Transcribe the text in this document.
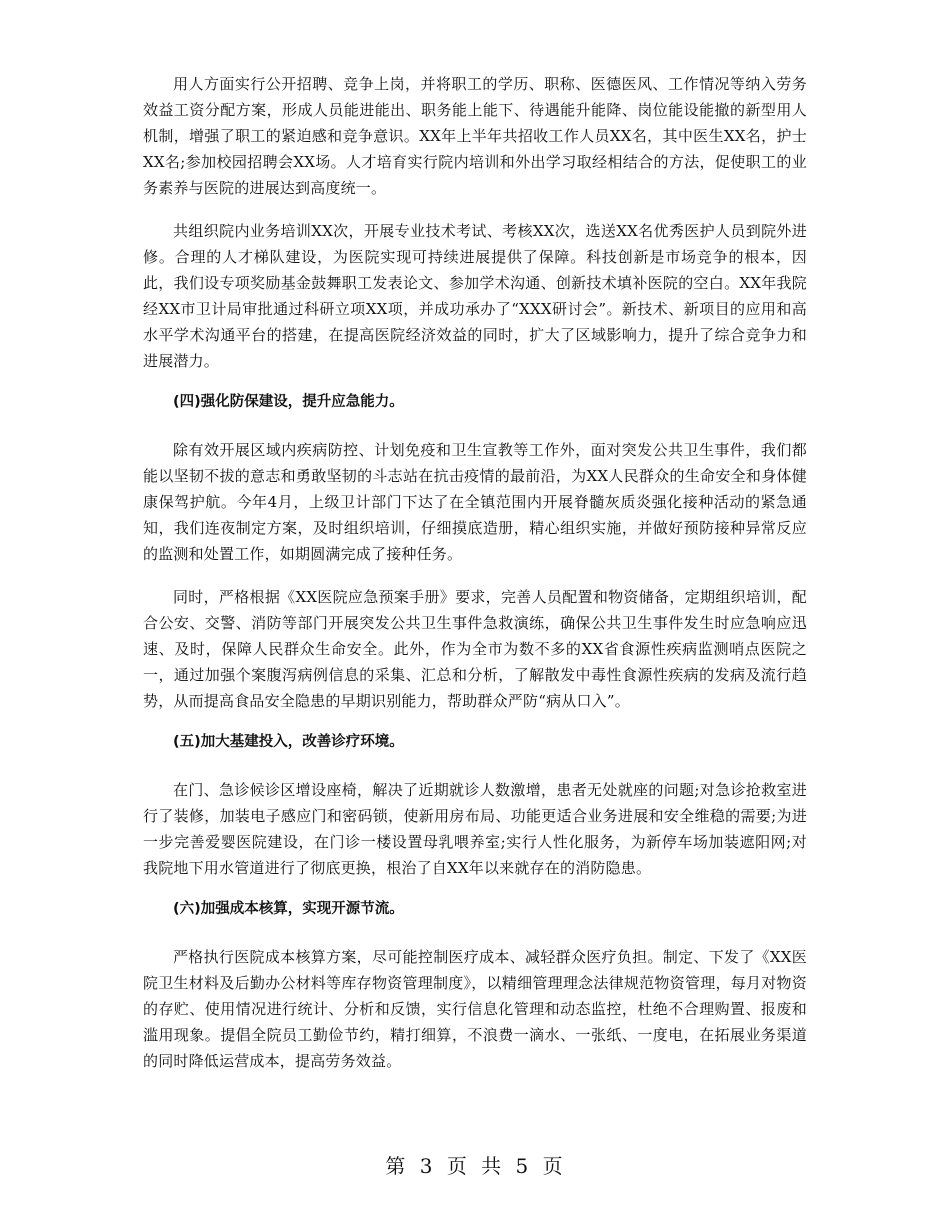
用人方面实行公开招聘、竞争上岗，并将职工的学历、职称、医德医风、工作情况等纳入劳务效益工资分配方案，形成人员能进能出、职务能上能下、待遇能升能降、岗位能设能撤的新型用人机制，增强了职工的紧迫感和竞争意识。XX年上半年共招收工作人员XX名，其中医生XX名，护士XX名;参加校园招聘会XX场。人才培育实行院内培训和外出学习取经相结合的方法，促使职工的业务素养与医院的进展达到高度统一。

共组织院内业务培训XX次，开展专业技术考试、考核XX次，选送XX名优秀医护人员到院外进修。合理的人才梯队建设，为医院实现可持续进展提供了保障。科技创新是市场竞争的根本，因此，我们设专项奖励基金鼓舞职工发表论文、参加学术沟通、创新技术填补医院的空白。XX年我院经XX市卫计局审批通过科研立项XX项，并成功承办了“XXX研讨会”。新技术、新项目的应用和高水平学术沟通平台的搭建，在提高医院经济效益的同时，扩大了区域影响力，提升了综合竞争力和进展潜力。

(四)强化防保建设，提升应急能力。

除有效开展区域内疾病防控、计划免疫和卫生宣教等工作外，面对突发公共卫生事件，我们都能以坚韧不拔的意志和勇敢坚韧的斗志站在抗击疫情的最前沿，为XX人民群众的生命安全和身体健康保驾护航。今年4月，上级卫计部门下达了在全镇范围内开展脊髓灰质炎强化接种活动的紧急通知，我们连夜制定方案，及时组织培训，仔细摸底造册，精心组织实施，并做好预防接种异常反应的监测和处置工作，如期圆满完成了接种任务。

同时，严格根据《XX医院应急预案手册》要求，完善人员配置和物资储备，定期组织培训，配合公安、交警、消防等部门开展突发公共卫生事件急救演练，确保公共卫生事件发生时应急响应迅速、及时，保障人民群众生命安全。此外，作为全市为数不多的XX省食源性疾病监测哨点医院之一，通过加强个案腹泻病例信息的采集、汇总和分析，了解散发中毒性食源性疾病的发病及流行趋势，从而提高食品安全隐患的早期识别能力，帮助群众严防“病从口入”。

(五)加大基建投入，改善诊疗环境。

在门、急诊候诊区增设座椅，解决了近期就诊人数激增，患者无处就座的问题;对急诊抢救室进行了装修，加装电子感应门和密码锁，使新用房布局、功能更适合业务进展和安全维稳的需要;为进一步完善爱婴医院建设，在门诊一楼设置母乳喂养室;实行人性化服务，为新停车场加装遮阳网;对我院地下用水管道进行了彻底更换，根治了自XX年以来就存在的消防隐患。

(六)加强成本核算，实现开源节流。

严格执行医院成本核算方案，尽可能控制医疗成本、减轻群众医疗负担。制定、下发了《XX医院卫生材料及后勤办公材料等库存物资管理制度》，以精细管理理念法律规范物资管理，每月对物资的存贮、使用情况进行统计、分析和反馈，实行信息化管理和动态监控，杜绝不合理购置、报废和滥用现象。提倡全院员工勤俭节约，精打细算，不浪费一滴水、一张纸、一度电，在拓展业务渠道的同时降低运营成本，提高劳务效益。

第 3 页 共 5 页
